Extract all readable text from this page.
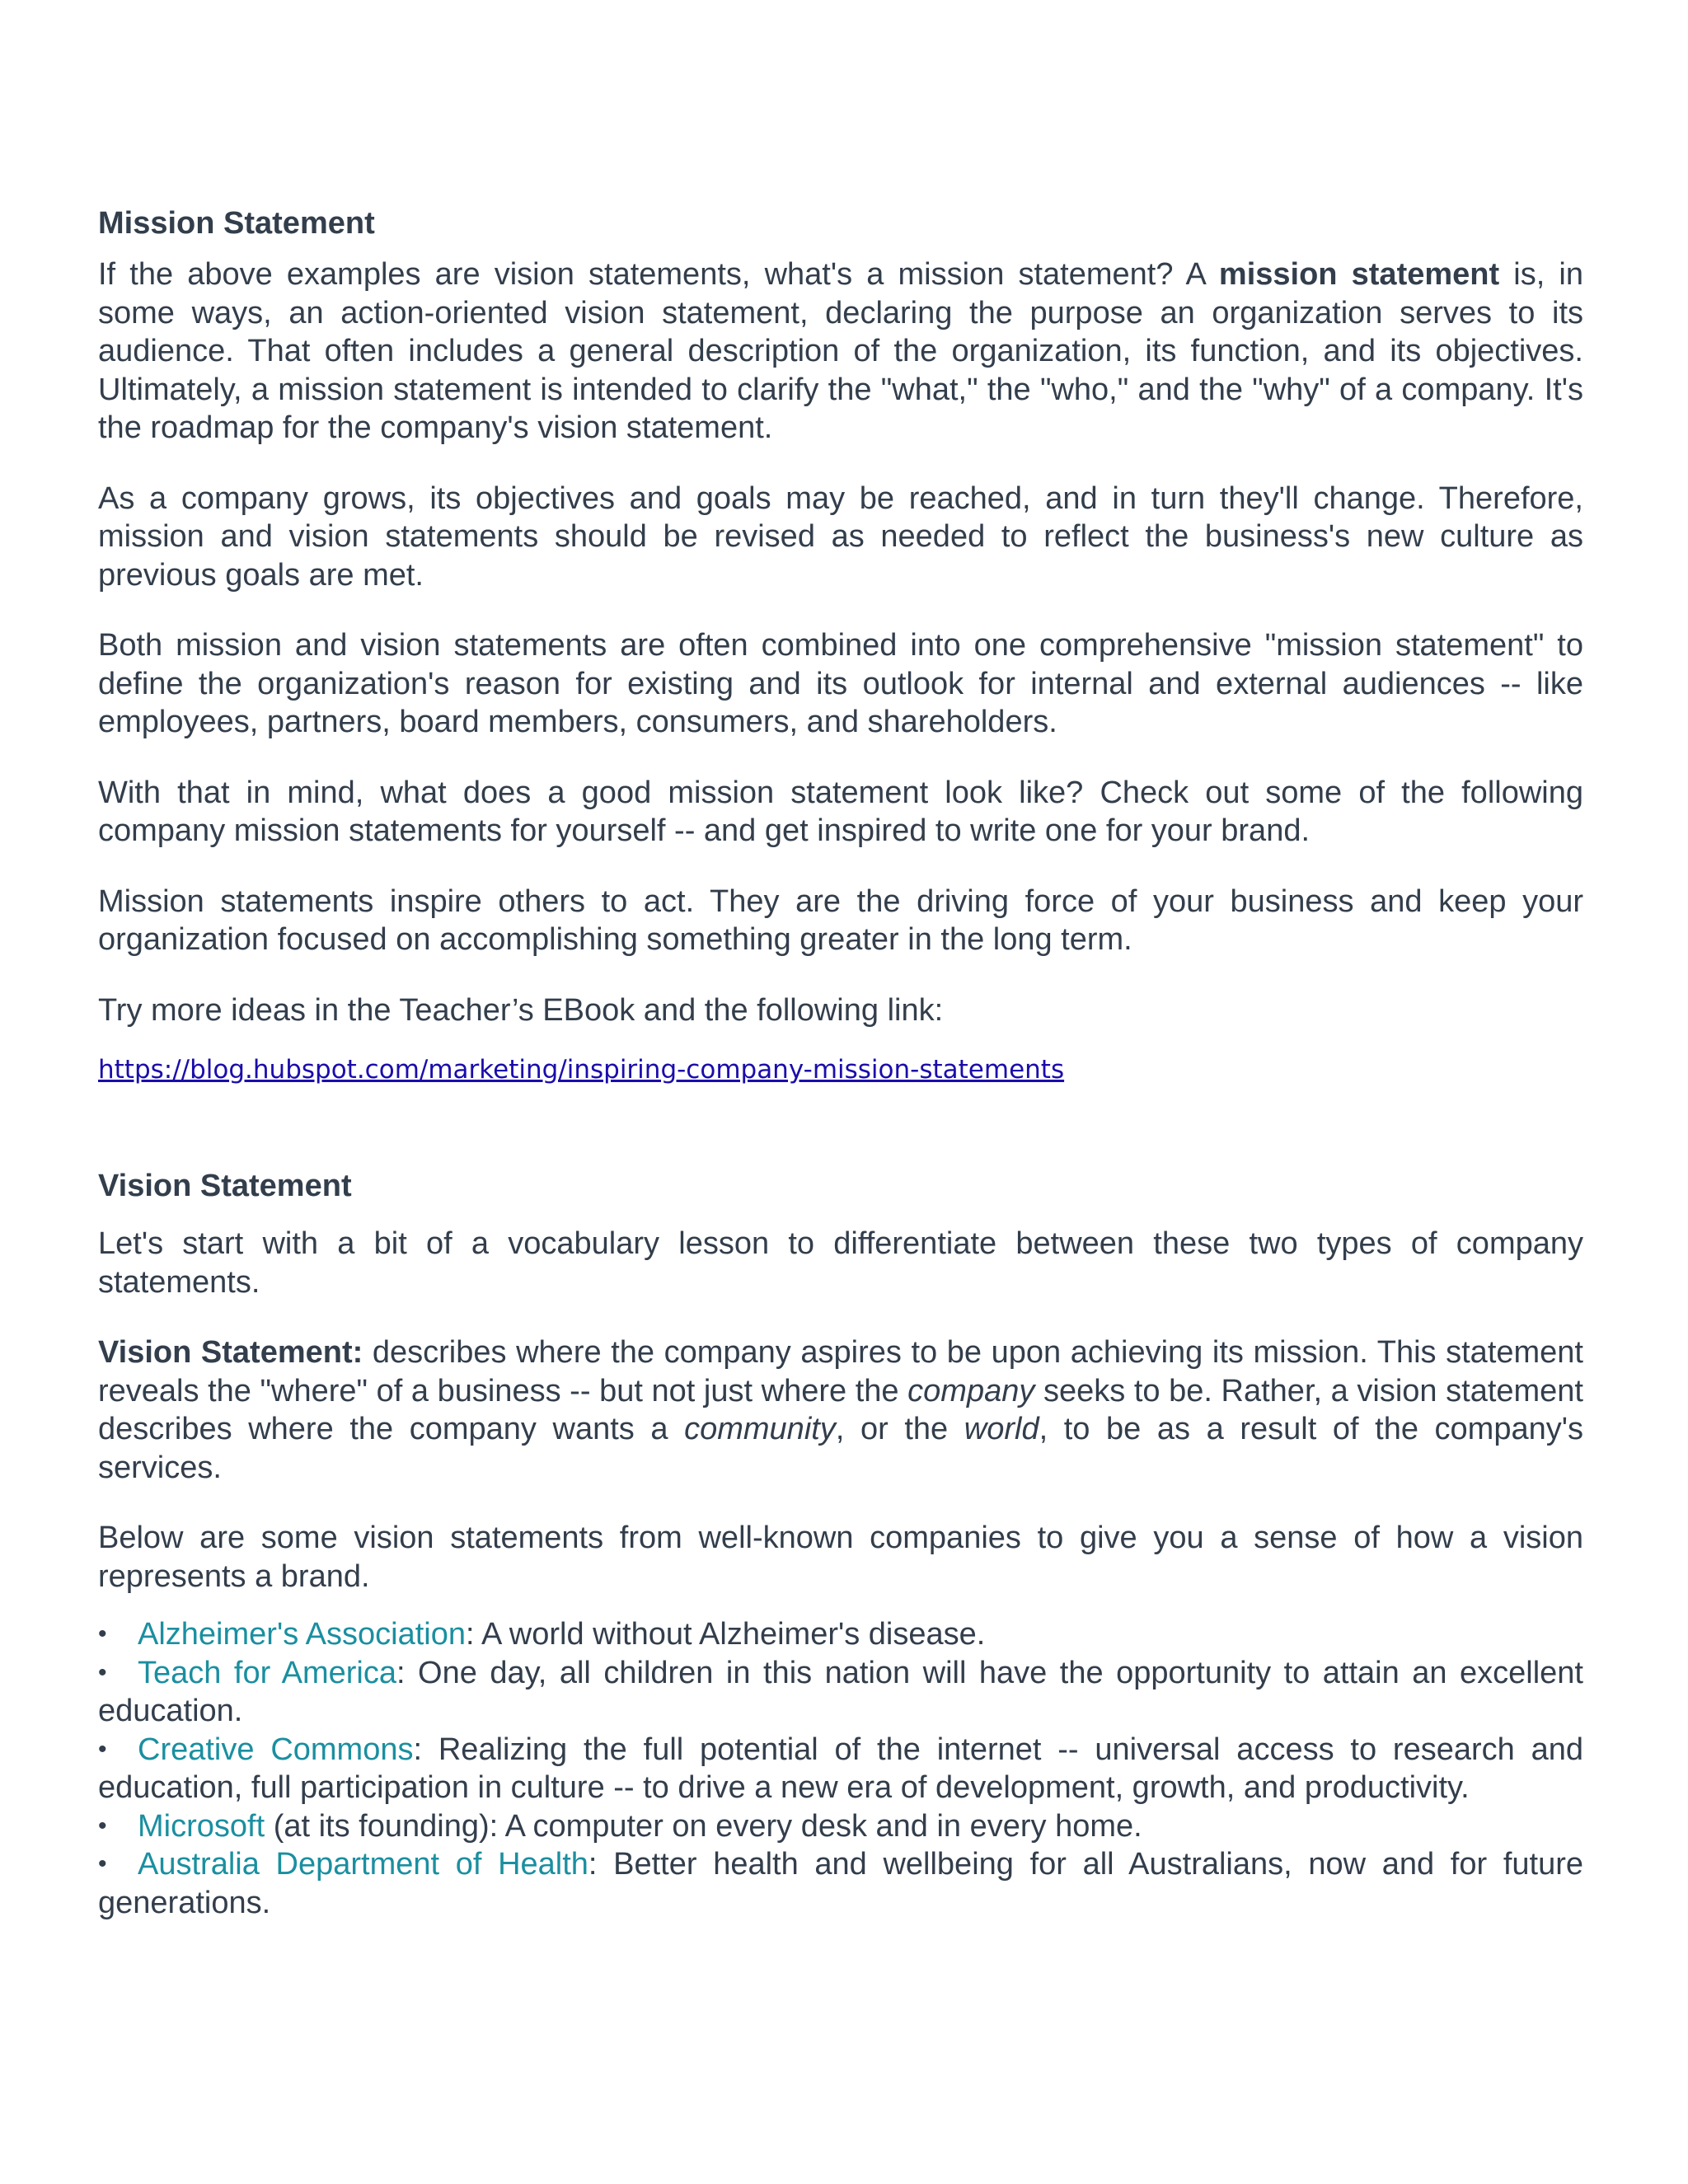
Mission Statement

If the above examples are vision statements, what's a mission statement? A mission statement is, in some ways, an action-oriented vision statement, declaring the purpose an organization serves to its audience. That often includes a general description of the organization, its function, and its objectives. Ultimately, a mission statement is intended to clarify the "what," the "who," and the "why" of a company. It's the roadmap for the company's vision statement.

As a company grows, its objectives and goals may be reached, and in turn they'll change. Therefore, mission and vision statements should be revised as needed to reflect the business's new culture as previous goals are met.

Both mission and vision statements are often combined into one comprehensive "mission statement" to define the organization's reason for existing and its outlook for internal and external audiences -- like employees, partners, board members, consumers, and shareholders.

With that in mind, what does a good mission statement look like? Check out some of the following company mission statements for yourself -- and get inspired to write one for your brand.

Mission statements inspire others to act. They are the driving force of your business and keep your organization focused on accomplishing something greater in the long term.

Try more ideas in the Teacher’s EBook and the following link:

https://blog.hubspot.com/marketing/inspiring-company-mission-statements
Vision Statement

Let's start with a bit of a vocabulary lesson to differentiate between these two types of company statements.

Vision Statement: describes where the company aspires to be upon achieving its mission. This statement reveals the "where" of a business -- but not just where the company seeks to be. Rather, a vision statement describes where the company wants a community, or the world, to be as a result of the company's services.

Below are some vision statements from well-known companies to give you a sense of how a vision represents a brand.

• Alzheimer's Association: A world without Alzheimer's disease.
• Teach for America: One day, all children in this nation will have the opportunity to attain an excellent education.
• Creative Commons: Realizing the full potential of the internet -- universal access to research and education, full participation in culture -- to drive a new era of development, growth, and productivity.
• Microsoft (at its founding): A computer on every desk and in every home.
• Australia Department of Health: Better health and wellbeing for all Australians, now and for future generations.
